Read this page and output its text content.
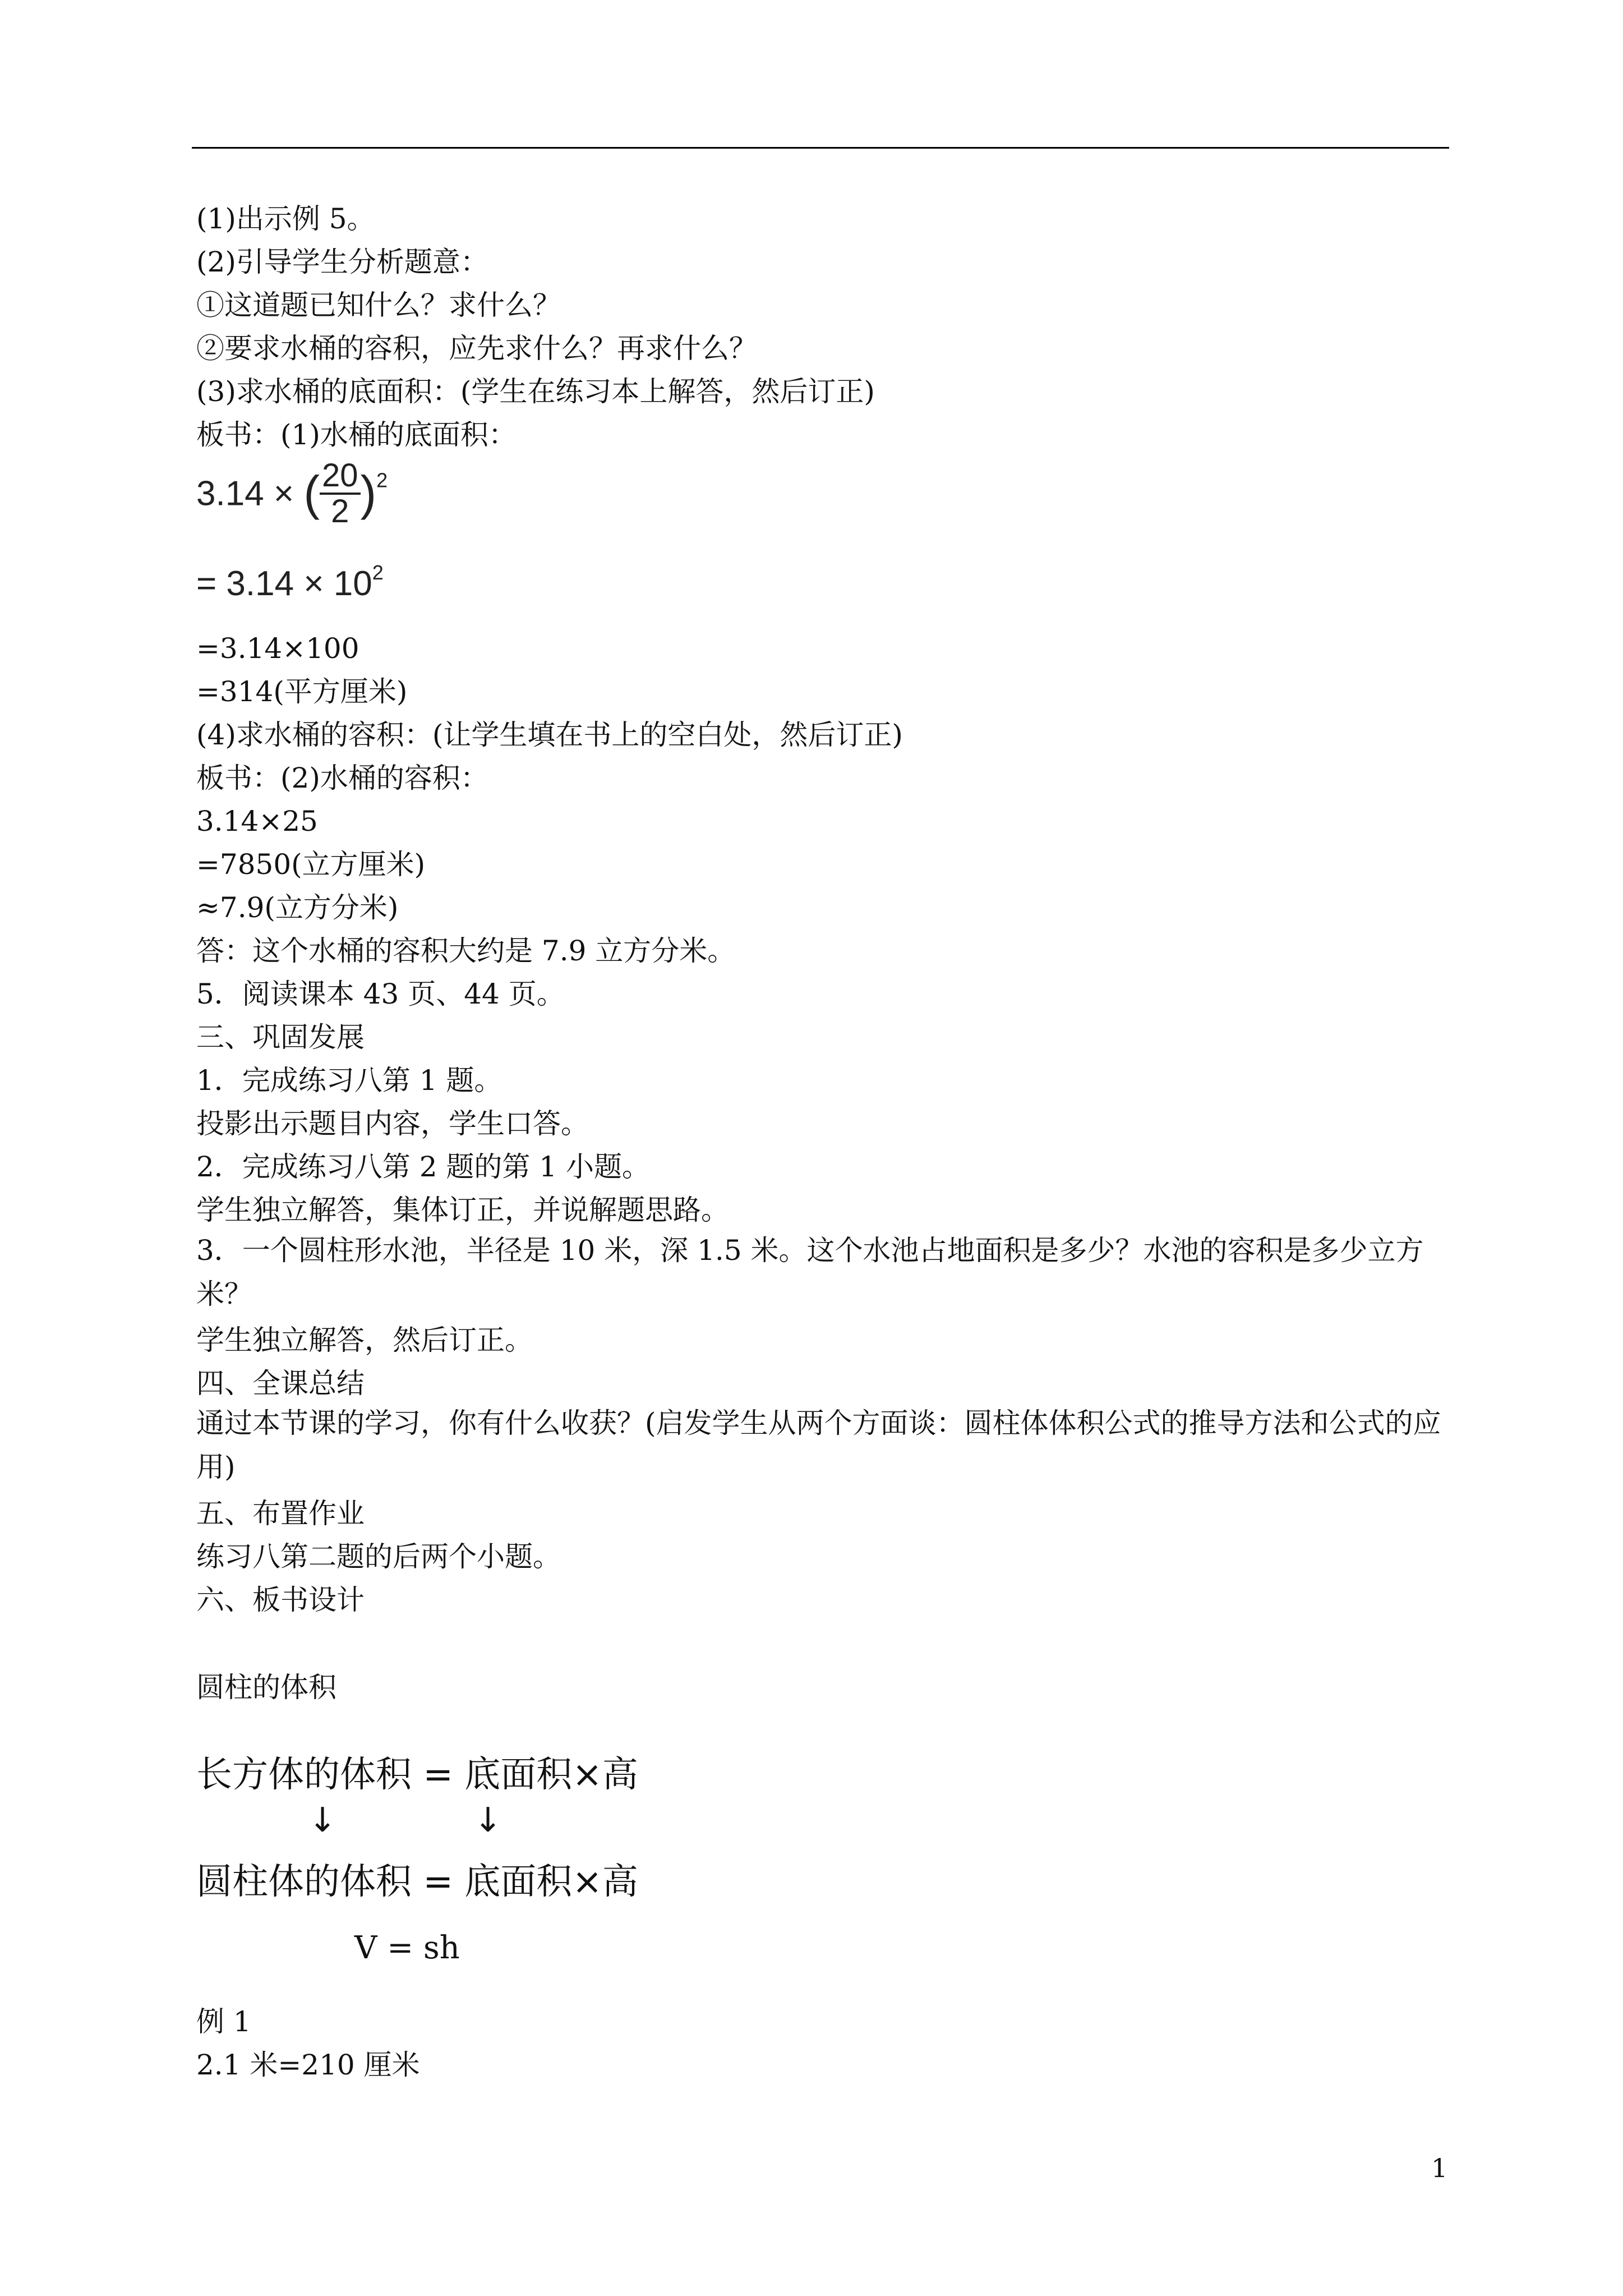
(1)出示例 5。
(2)引导学生分析题意：
①这道题已知什么？求什么？
②要求水桶的容积，应先求什么？再求什么？
(3)求水桶的底面积：(学生在练习本上解答，然后订正)
板书：(1)水桶的底面积：
3.14 × ( $\frac{20}{2} )^2$
= $3.14 \times 10^2$
=3.14×100
=314(平方厘米)
(4)求水桶的容积：(让学生填在书上的空白处，然后订正)
板书：(2)水桶的容积：
3.14×25
=7850(立方厘米)
≈7.9(立方分米)
答：这个水桶的容积大约是 7.9 立方分米。
5．阅读课本 43 页、44 页。
三、巩固发展
1．完成练习八第 1 题。
投影出示题目内容，学生口答。
2．完成练习八第 2 题的第 1 小题。
学生独立解答，集体订正，并说解题思路。
3．一个圆柱形水池，半径是 10 米，深 1.5 米。这个水池占地面积是多少？水池的容积是多少立方米？
学生独立解答，然后订正。
四、全课总结
通过本节课的学习，你有什么收获？(启发学生从两个方面谈：圆柱体体积公式的推导方法和公式的应用)
五、布置作业
练习八第二题的后两个小题。
六、板书设计
圆柱的体积
长方体的体积 = 底面积×高
↓	↓
圆柱体的体积 = 底面积×高
V = sh
例 1
2.1 米=210 厘米
1
